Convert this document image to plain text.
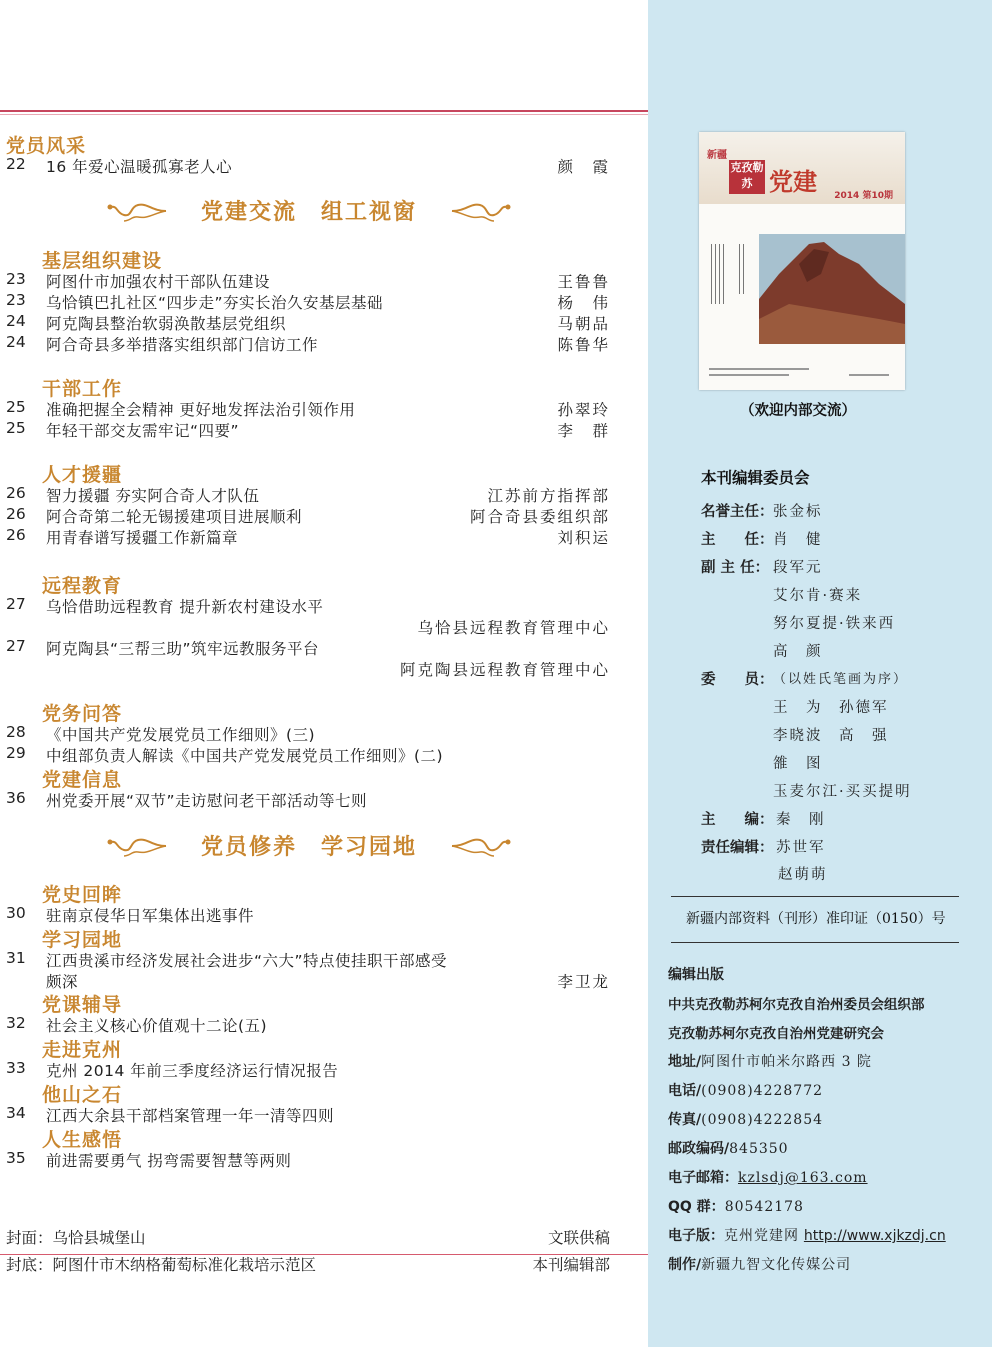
党员风采
22	16 年爱心温暖孤寡老人心	颜　霞
党建交流　组工视窗
基层组织建设
23	阿图什市加强农村干部队伍建设	王鲁鲁
23	乌恰镇巴扎社区“四步走”夯实长治久安基层基础	杨　伟
24	阿克陶县整治软弱涣散基层党组织	马朝品
24	阿合奇县多举措落实组织部门信访工作	陈鲁华
干部工作
25	准确把握全会精神 更好地发挥法治引领作用	孙翠玲
25	年轻干部交友需牢记“四要”	李　群
人才援疆
26	智力援疆 夯实阿合奇人才队伍	江苏前方指挥部
26	阿合奇第二轮无锡援建项目进展顺利	阿合奇县委组织部
26	用青春谱写援疆工作新篇章	刘积运
远程教育
27	乌恰借助远程教育 提升新农村建设水平
乌恰县远程教育管理中心
27	阿克陶县“三帮三助”筑牢远教服务平台
阿克陶县远程教育管理中心
党务问答
28	《中国共产党发展党员工作细则》(三)
29	中组部负责人解读《中国共产党发展党员工作细则》(二)
党建信息
36	州党委开展“双节”走访慰问老干部活动等七则
党员修养　学习园地
党史回眸
30	驻南京侵华日军集体出逃事件
学习园地
31	江西贵溪市经济发展社会进步“六大”特点使挂职干部感受
颇深	李卫龙
党课辅导
32	社会主义核心价值观十二论(五)
走进克州
33	克州 2014 年前三季度经济运行情况报告
他山之石
34	江西大余县干部档案管理一年一清等四则
人生感悟
35	前进需要勇气 拐弯需要智慧等两则
封面：乌恰县城堡山	文联供稿
封底：阿图什市木纳格葡萄标准化栽培示范区	本刊编辑部
新疆
克孜勒苏 党建 2014 第10期
（欢迎内部交流）
本刊编辑委员会
名誉主任： 张金标
主　　任： 肖　健
副 主 任： 段军元
艾尔肯·赛来
努尔夏提·铁来西
高　颜
委　　员： （以姓氏笔画为序）
王　为　孙德军
李晓波　高　强
雒　图
玉麦尔江·买买提明
主　　编： 秦　刚
责任编辑： 苏世军
赵萌萌
新疆内部资料（刊形）准印证（0150）号
编辑出版
中共克孜勒苏柯尔克孜自治州委员会组织部
克孜勒苏柯尔克孜自治州党建研究会
地址/阿图什市帕米尔路西 3 院
电话/(0908)4228772
传真/(0908)4222854
邮政编码/845350
电子邮箱：kzlsdj@163.com
QQ 群：80542178
电子版：克州党建网 http://www.xjkzdj.cn
制作/新疆九智文化传媒公司
